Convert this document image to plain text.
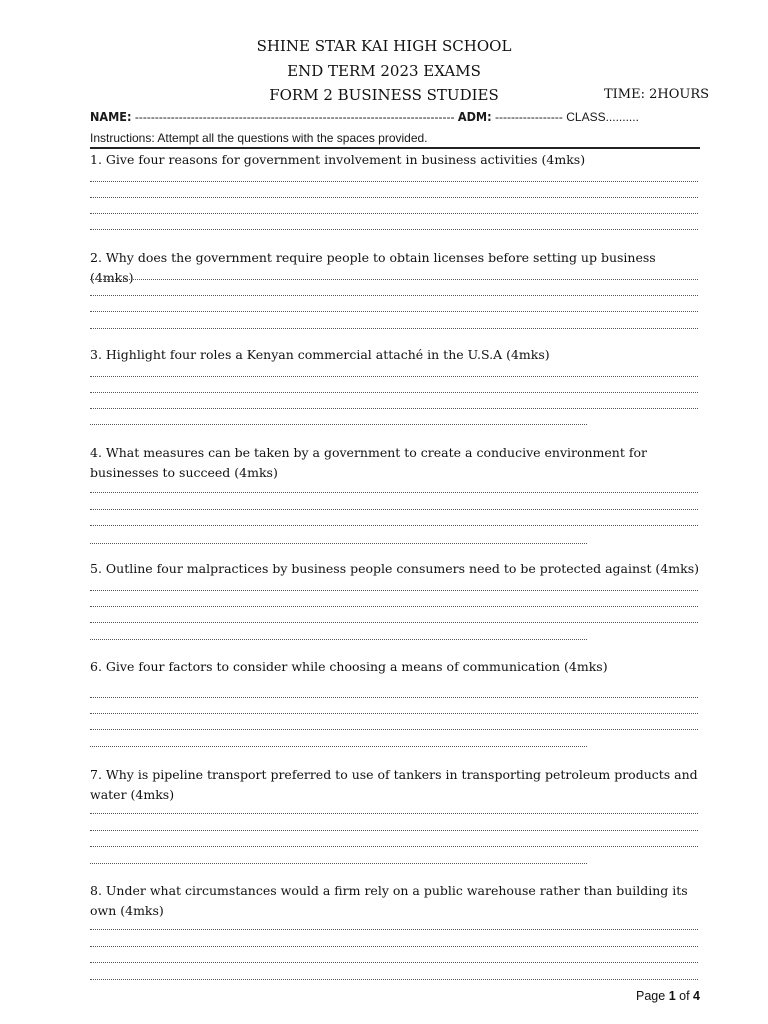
SHINE STAR KAI HIGH SCHOOL
END TERM 2023 EXAMS
FORM 2 BUSINESS STUDIES	TIME: 2HOURS
NAME: -------------------------------------------------------------------------------- ADM: ----------------- CLASS..........
Instructions: Attempt all the questions with the spaces provided.
1. Give four reasons for government involvement in business activities (4mks)
2. Why does the government require people to obtain licenses before setting up business (4mks)
3. Highlight four roles a Kenyan commercial attaché in the U.S.A (4mks)
4. What measures can be taken by a government to create a conducive environment for businesses to succeed (4mks)
5. Outline four malpractices by business people consumers need to be protected against (4mks)
6. Give four factors to consider while choosing a means of communication (4mks)
7. Why is pipeline transport preferred to use of tankers in transporting petroleum products and water (4mks)
8. Under what circumstances would a firm rely on a public warehouse rather than building its own (4mks)
Page 1 of 4
